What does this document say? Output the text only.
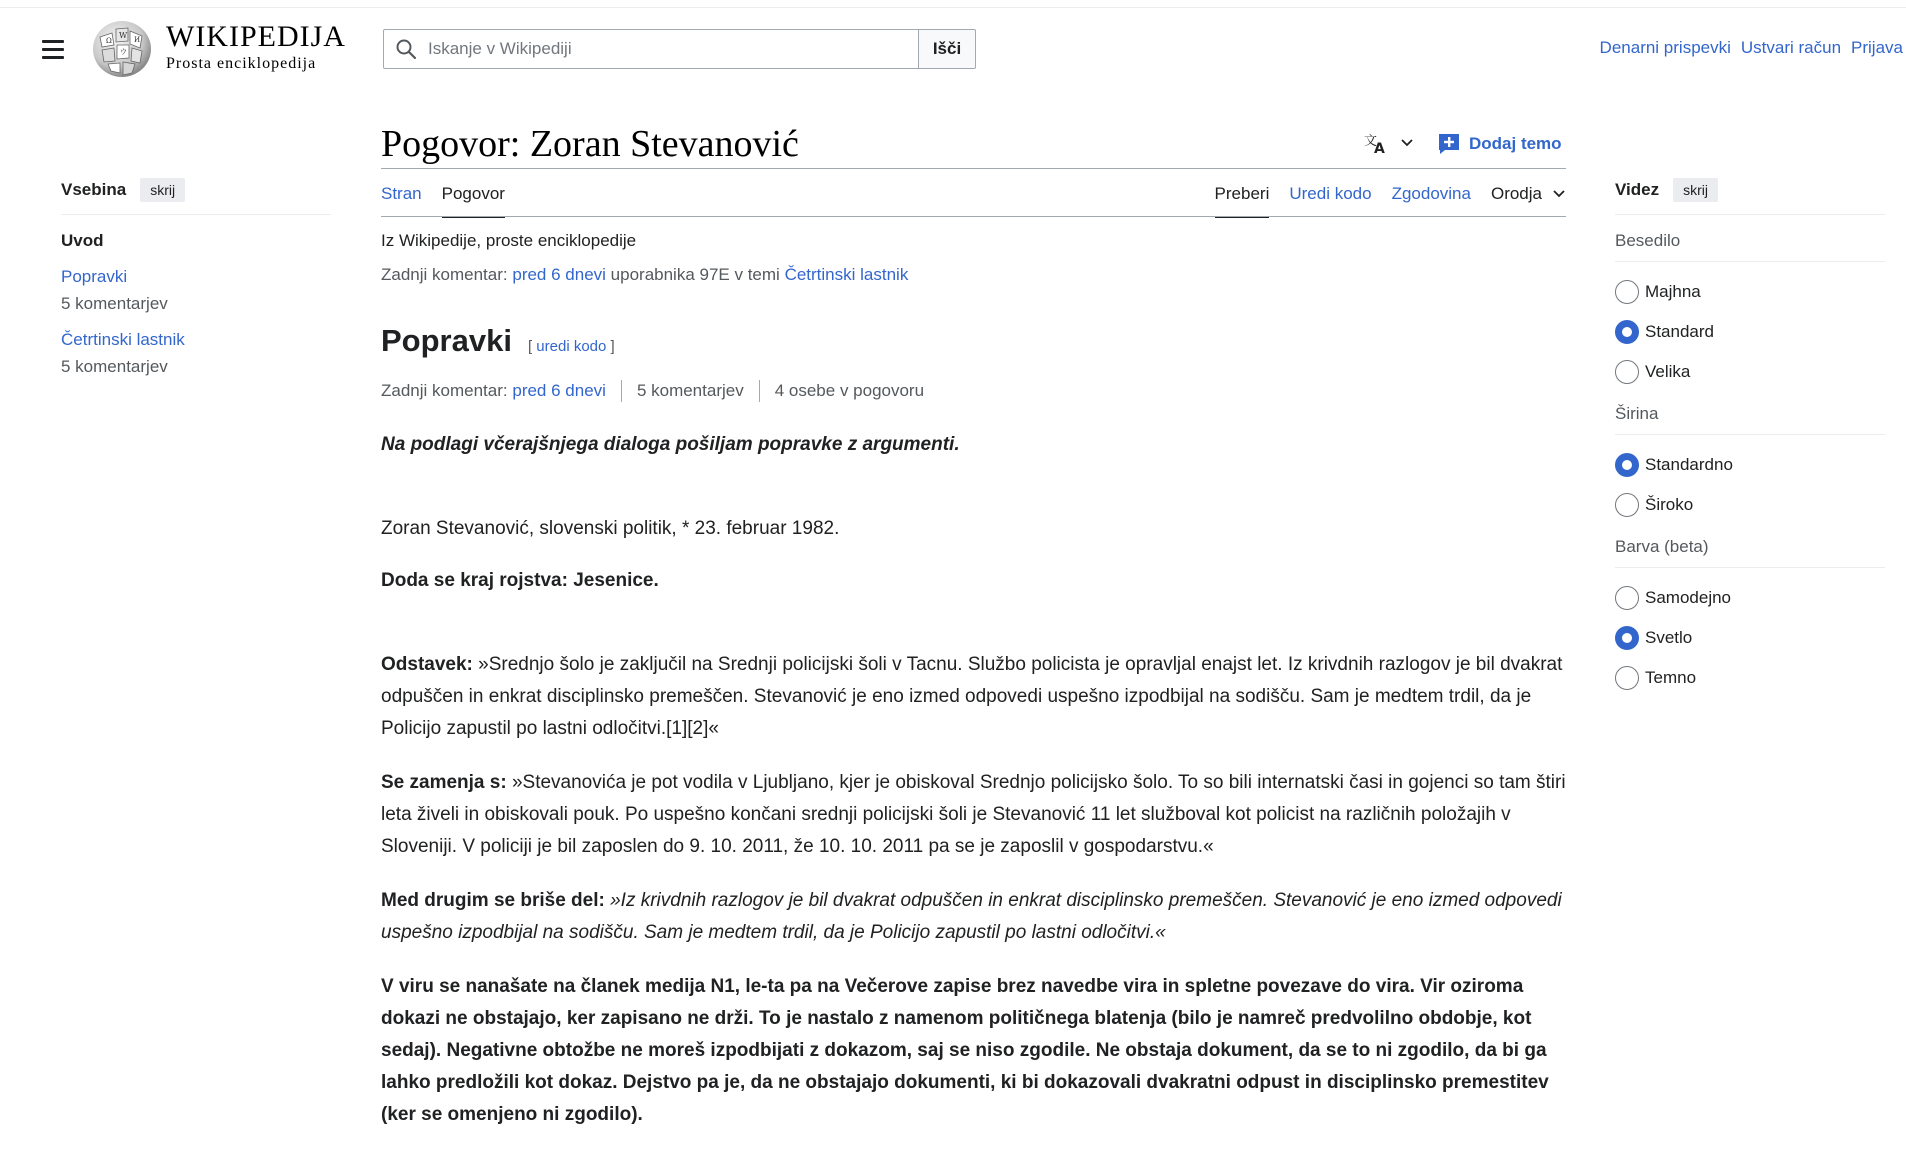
Ω
W И
ウ WIKIPEDIJA
Prosta enciklopedija
Iskanje v Wikipediji
Išči	Denarni prispevki Ustvari račun Prijava
Vsebina	skrij
Uvod
Popravki
5 komentarjev
Četrtinski lastnik
5 komentarjev
Pogovor: Zoran Stevanović	文
A	Dodaj temo
Stran Pogovor	Preberi Uredi kodo Zgodovina Orodja
Iz Wikipedije, proste enciklopedije
Zadnji komentar: pred 6 dnevi uporabnika 97E v temi Četrtinski lastnik
Popravki [ uredi kodo ]
Zadnji komentar:
pred 6 dnevi 5 komentarjev 4 osebe v pogovoru

Na podlagi včerajšnjega dialoga pošiljam popravke z argumenti.

Zoran Stevanović, slovenski politik, * 23. februar 1982.

Doda se kraj rojstva: Jesenice.

Odstavek: »Srednjo šolo je zaključil na Srednji policijski šoli v Tacnu. Službo policista je opravljal enajst let. Iz krivdnih razlogov je bil dvakrat odpuščen in enkrat disciplinsko premeščen. Stevanović je eno izmed odpovedi uspešno izpodbijal na sodišču. Sam je medtem trdil, da je Policijo zapustil po lastni odločitvi.[1][2]«

Se zamenja s: »Stevanovića je pot vodila v Ljubljano, kjer je obiskoval Srednjo policijsko šolo. To so bili internatski časi in gojenci so tam štiri leta živeli in obiskovali pouk. Po uspešno končani srednji policijski šoli je Stevanović 11 let služboval kot policist na različnih položajih v Sloveniji. V policiji je bil zaposlen do 9. 10. 2011, že 10. 10. 2011 pa se je zaposlil v gospodarstvu.«

Med drugim se briše del: »Iz krivdnih razlogov je bil dvakrat odpuščen in enkrat disciplinsko premeščen. Stevanović je eno izmed odpovedi uspešno izpodbijal na sodišču. Sam je medtem trdil, da je Policijo zapustil po lastni odločitvi.«

V viru se nanašate na članek medija N1, le-ta pa na Večerove zapise brez navedbe vira in spletne povezave do vira. Vir oziroma dokazi ne obstajajo, ker zapisano ne drži. To je nastalo z namenom političnega blatenja (bilo je namreč predvolilno obdobje, kot sedaj). Negativne obtožbe ne moreš izpodbijati z dokazom, saj se niso zgodile. Ne obstaja dokument, da se to ni zgodilo, da bi ga lahko predložili kot dokaz. Dejstvo pa je, da ne obstajajo dokumenti, ki bi dokazovali dvakratni odpust in disciplinsko premestitev (ker se omenjeno ni zgodilo).

Videz	skrij
Besedilo
Majhna
Standard
Velika
Širina
Standardno
Široko
Barva (beta)
Samodejno
Svetlo
Temno
